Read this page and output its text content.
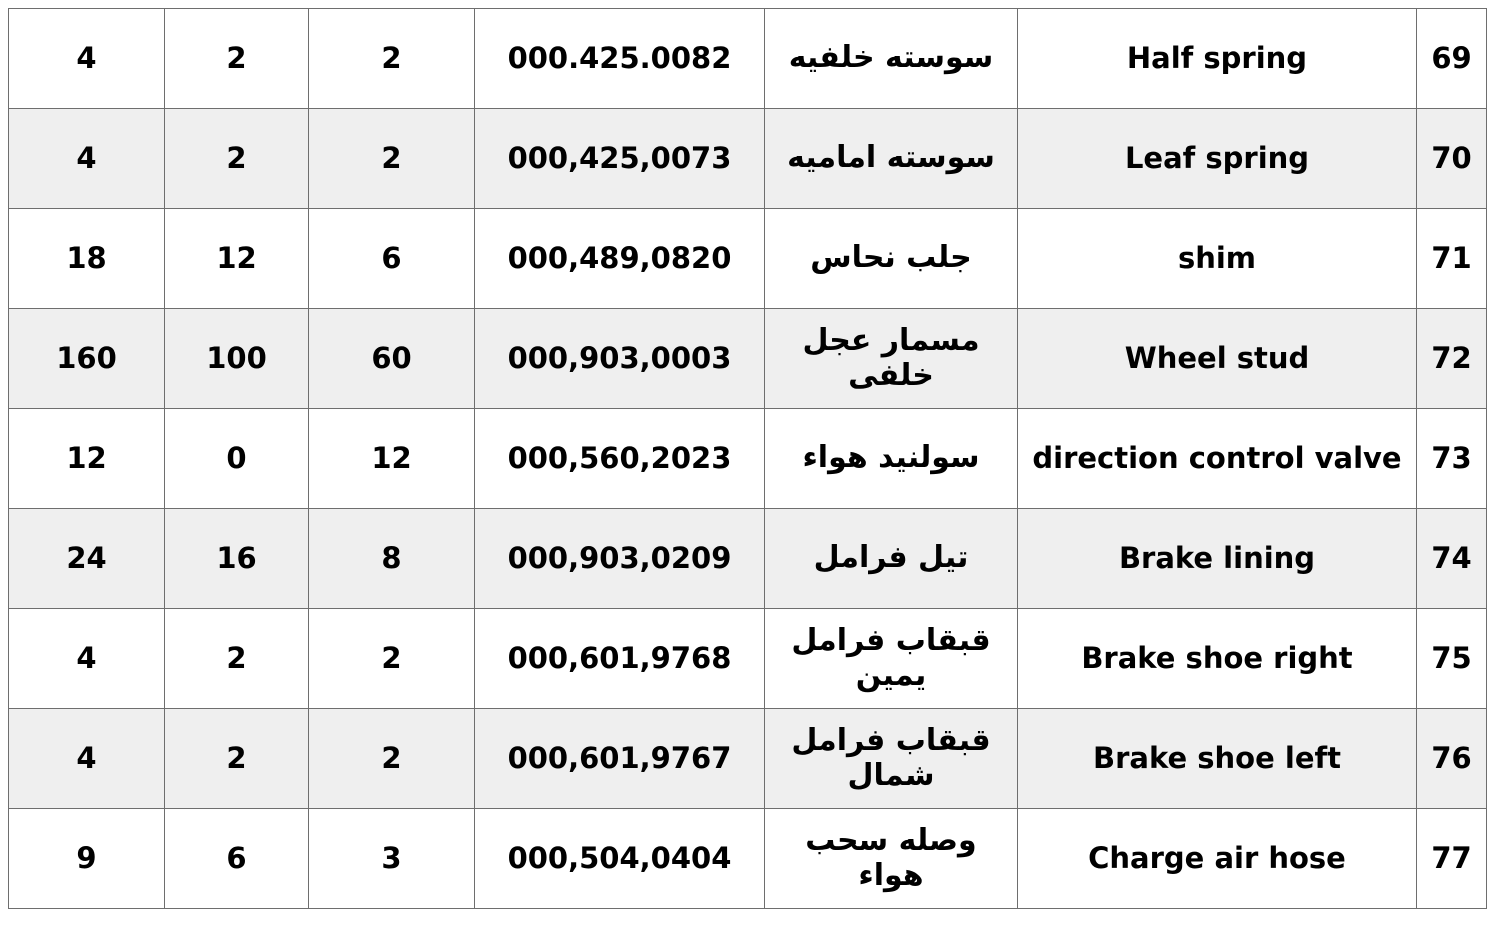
4	2	2	000.425.0082	سوسته خلفیه	Half spring	69
4	2	2	000,425,0073	سوسته امامیه	Leaf spring	70
18	12	6	000,489,0820	جلب نحاس	shim	71
160	100	60	000,903,0003	مسمار عجل خلفی	Wheel stud	72
12	0	12	000,560,2023	سولنید هواء	direction control valve	73
24	16	8	000,903,0209	تیل فرامل	Brake lining	74
4	2	2	000,601,9768	قبقاب فرامل یمین	Brake shoe right	75
4	2	2	000,601,9767	قبقاب فرامل شمال	Brake shoe left	76
9	6	3	000,504,0404	وصله سحب هواء	Charge air hose	77
